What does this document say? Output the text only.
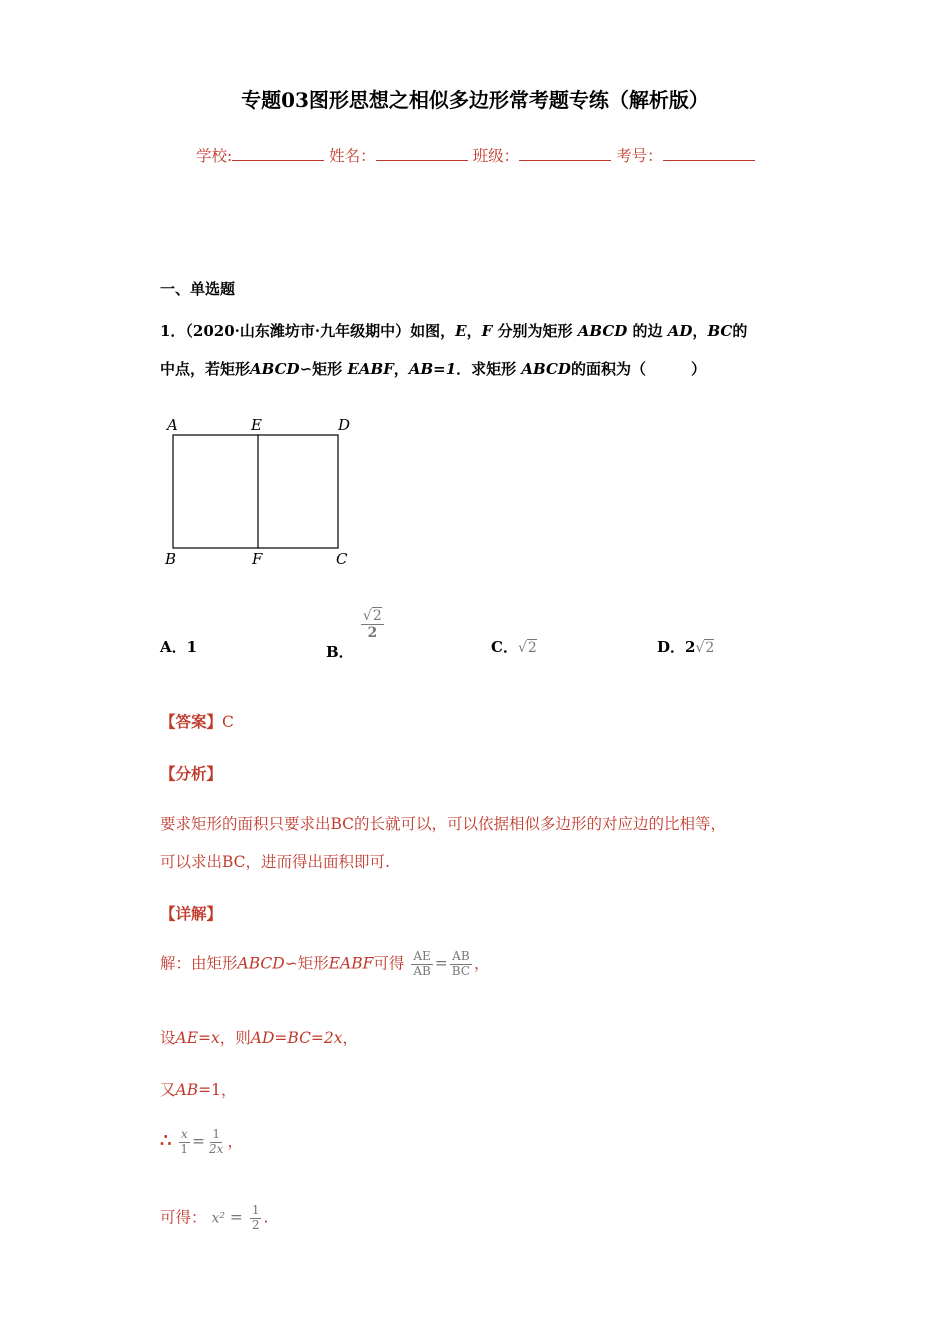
专题03图形思想之相似多边形常考题专练（解析版）
学校:	姓名：	班级：	考号：
一、单选题
1．（2020·山东潍坊市·九年级期中）如图，E，F 分别为矩形 ABCD 的边 AD，BC的
中点，若矩形ABCD∽矩形 EABF，AB=1．求矩形 ABCD的面积为（　　　）
A	E	D
B	F	C
A．1	B．
$\frac{√2}{2}$
C．√2	D．2√2
【答案】C
【分析】
要求矩形的面积只要求出BC的长就可以，可以依据相似多边形的对应边的比相等，
可以求出BC，进而得出面积即可.
【详解】
解：由矩形ABCD∽矩形EABF可得 $\frac{AE}{AB} = \frac{AB}{BC}$ ，
设AE=x，则AD=BC=2x，
又AB=1，
∴ $\frac{x}{1} = \frac{1}{2x}$ ，
可得： $x^2 = \frac{1}{2}$ .
